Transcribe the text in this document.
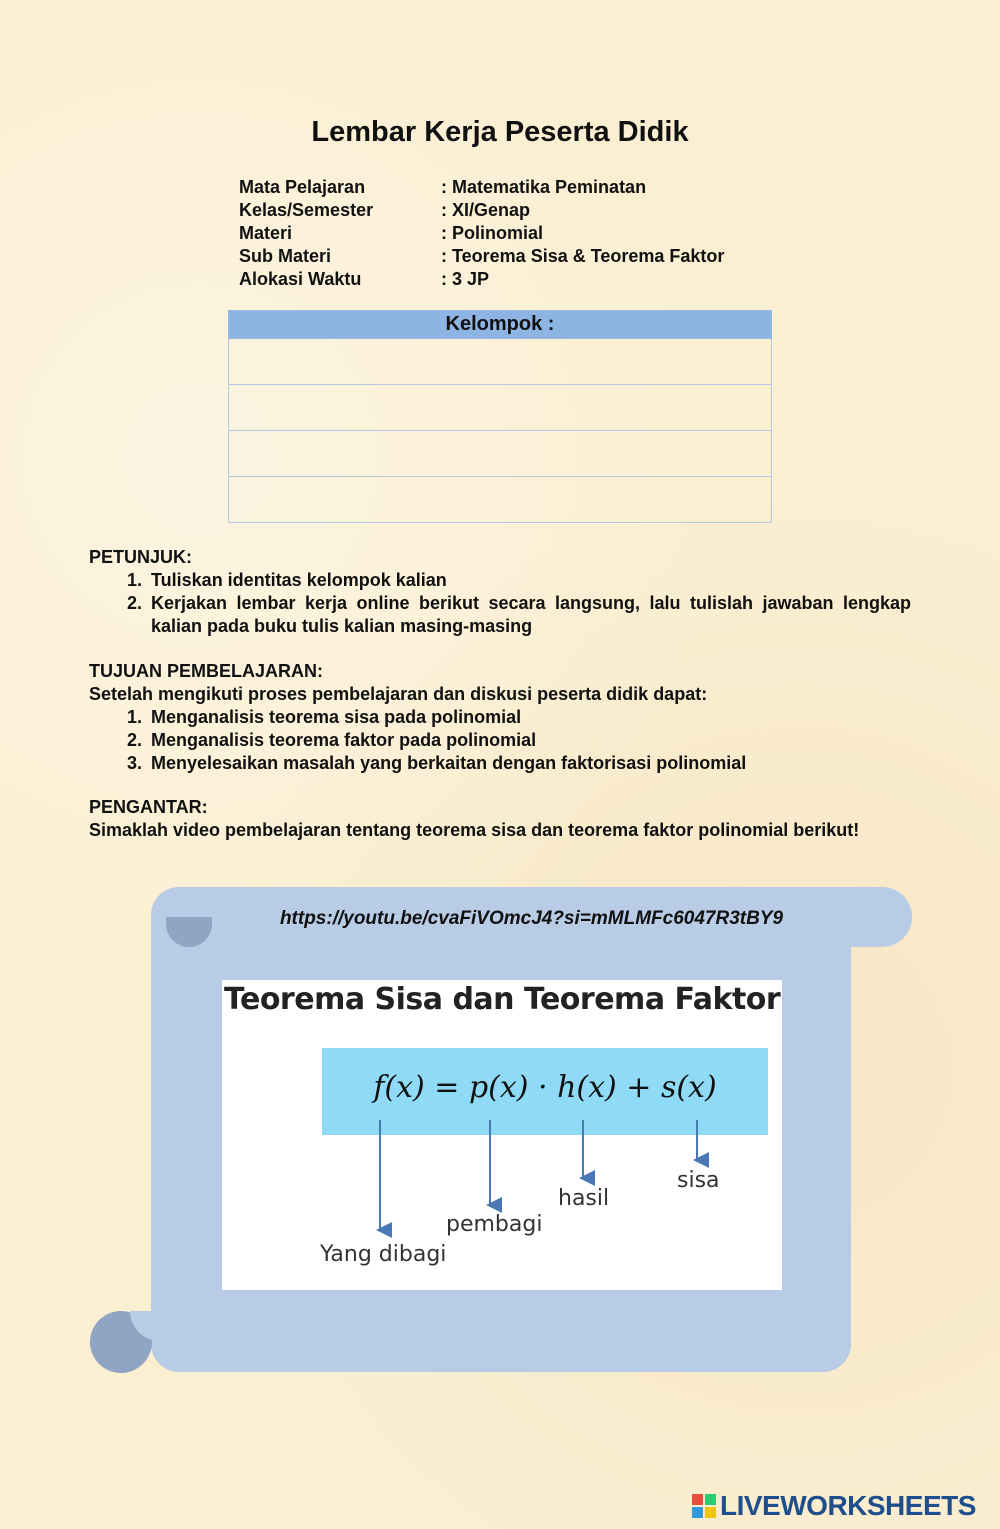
Lembar Kerja Peserta Didik
Mata Pelajaran	: Matematika Peminatan
Kelas/Semester	: XI/Genap
Materi	: Polinomial
Sub Materi	: Teorema Sisa & Teorema Faktor
Alokasi Waktu	: 3 JP
Kelompok :

PETUNJUK:

1. Tuliskan identitas kelompok kalian
2. Kerjakan lembar kerja online berikut secara langsung, lalu tulislah jawaban lengkap kalian pada buku tulis kalian masing-masing

TUJUAN PEMBELAJARAN:

Setelah mengikuti proses pembelajaran dan diskusi peserta didik dapat:

1. Menganalisis teorema sisa pada polinomial
2. Menganalisis teorema faktor pada polinomial
3. Menyelesaikan masalah yang berkaitan dengan faktorisasi polinomial

PENGANTAR:

Simaklah video pembelajaran tentang teorema sisa dan teorema faktor polinomial berikut!

https://youtu.be/cvaFiVOmcJ4?si=mMLMFc6047R3tBY9
Teorema Sisa dan Teorema Faktor
f(x) = p(x) · h(x) + s(x)
Yang dibagi
pembagi
hasil
sisa
LIVEWORKSHEETS
